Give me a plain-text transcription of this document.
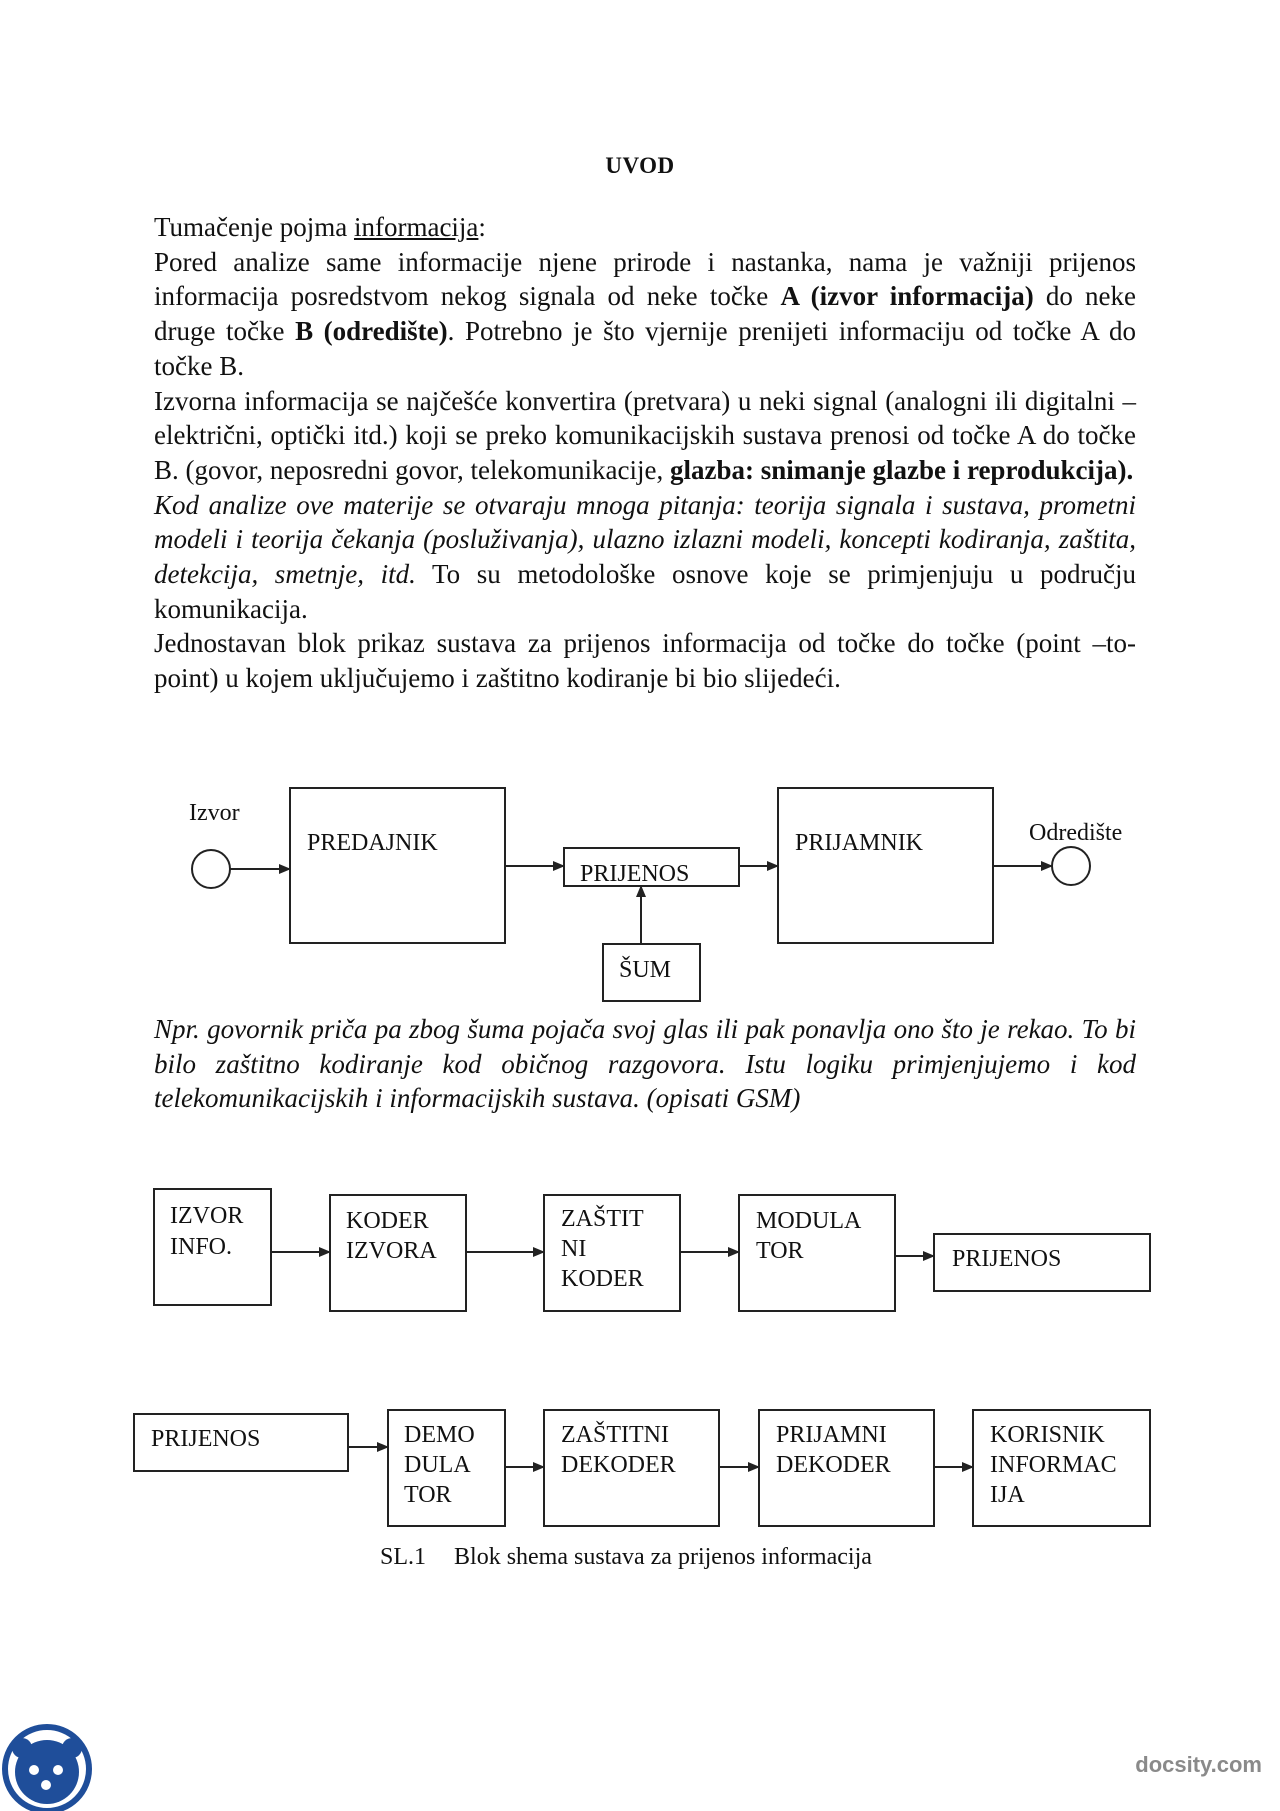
UVOD

Tumačenje pojma informacija:

Pored analize same informacije njene prirode i nastanka, nama je važniji prijenos informacija posredstvom nekog signala od neke točke A (izvor informacija) do neke druge točke B (odredište). Potrebno je što vjernije prenijeti informaciju od točke A do točke B.

Izvorna informacija se najčešće konvertira (pretvara) u neki signal (analogni ili digitalni – električni, optički itd.) koji se preko komunikacijskih sustava prenosi od točke A do točke B. (govor, neposredni govor, telekomunikacije, glazba: snimanje glazbe i reprodukcija).

Kod analize ove materije se otvaraju mnoga pitanja: teorija signala i sustava, prometni modeli i teorija čekanja (posluživanja), ulazno izlazni modeli, koncepti kodiranja, zaštita, detekcija, smetnje, itd. To su metodološke osnove koje se primjenjuju u području komunikacija.

Jednostavan blok prikaz sustava za prijenos informacija od točke do točke (point –to-point) u kojem uključujemo i zaštitno kodiranje bi bio slijedeći.

Izvor
PREDAJNIK
PRIJENOS
PRIJAMNIK	Odredište
ŠUM
IZVOR INFO.
KODER IZVORA
ZAŠTIT NI KODER
MODULA TOR	PRIJENOS
PRIJENOS	DEMO DULA TOR
ZAŠTITNI DEKODER
PRIJAMNI DEKODER
KORISNIK INFORMAC IJA
Npr. govornik priča pa zbog šuma pojača svoj glas ili pak ponavlja ono što je rekao. To bi bilo zaštitno kodiranje kod običnog razgovora. Istu logiku primjenjujemo i kod telekomunikacijskih i informacijskih sustava. (opisati GSM)
SL.1 Blok shema sustava za prijenos informacija
docsity.com
